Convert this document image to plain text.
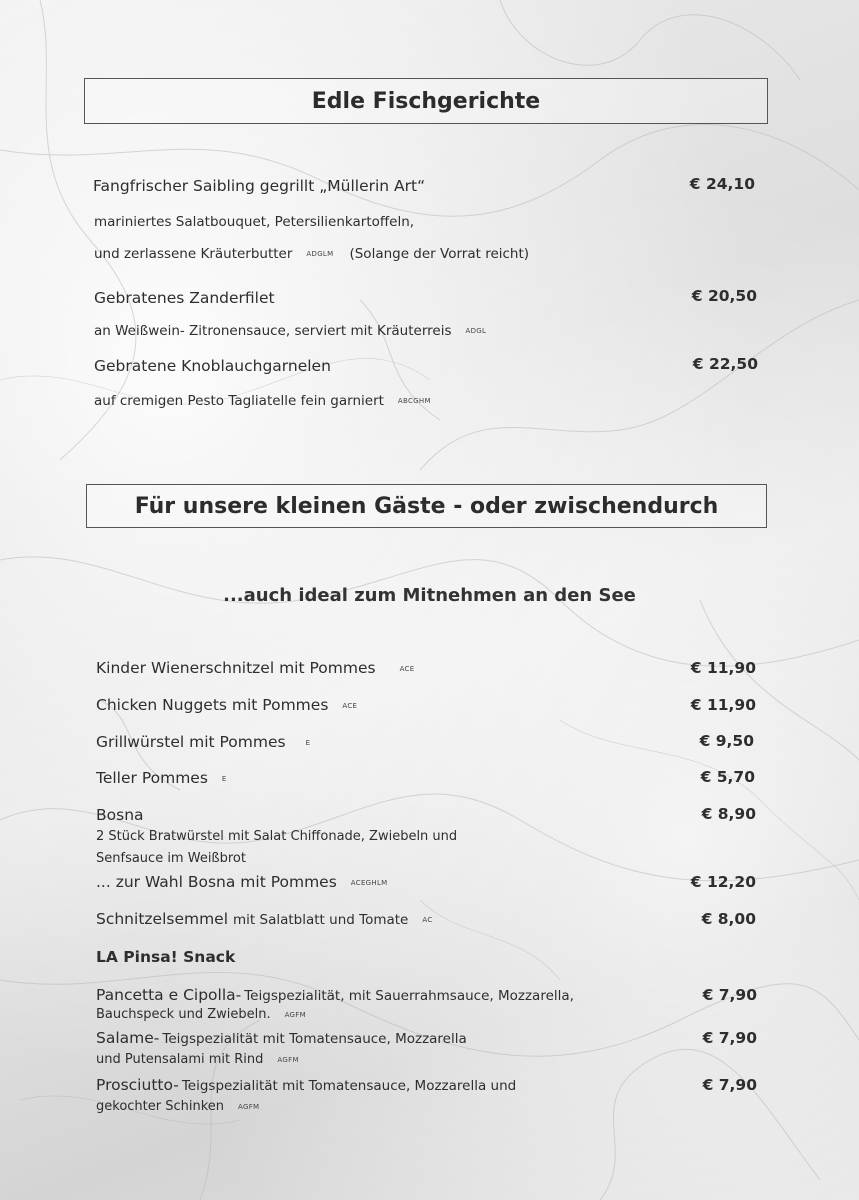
Edle Fischgerichte
Fangfrischer Saibling gegrillt „Müllerin Art“	€ 24,10
mariniertes Salatbouquet, Petersilienkartoffeln,
und zerlassene Kräuterbutter ADGLM (Solange der Vorrat reicht)
Gebratenes Zanderfilet	€ 20,50
an Weißwein- Zitronensauce, serviert mit Kräuterreis ADGL
Gebratene Knoblauchgarnelen	€ 22,50
auf cremigen Pesto Tagliatelle fein garniert ABCGHM
Für unsere kleinen Gäste - oder zwischendurch
...auch ideal zum Mitnehmen an den See
Kinder Wienerschnitzel mit Pommes	ACE	€ 11,90
Chicken Nuggets mit Pommes ACE	€ 11,90
Grillwürstel mit Pommes	E	€ 9,50
Teller Pommes E	€ 5,70
Bosna	€ 8,90
2 Stück Bratwürstel mit Salat Chiffonade, Zwiebeln und
Senfsauce im Weißbrot
... zur Wahl Bosna mit Pommes ACEGHLM	€ 12,20
Schnitzelsemmel mit Salatblatt und Tomate AC	€ 8,00
LA Pinsa! Snack
Pancetta e Cipolla- Teigspezialität, mit Sauerrahmsauce, Mozzarella,	€ 7,90
Bauchspeck und Zwiebeln. AGFM
Salame- Teigspezialität mit Tomatensauce, Mozzarella	€ 7,90
und Putensalami mit Rind AGFM
Prosciutto- Teigspezialität mit Tomatensauce, Mozzarella und	€ 7,90
gekochter Schinken AGFM
